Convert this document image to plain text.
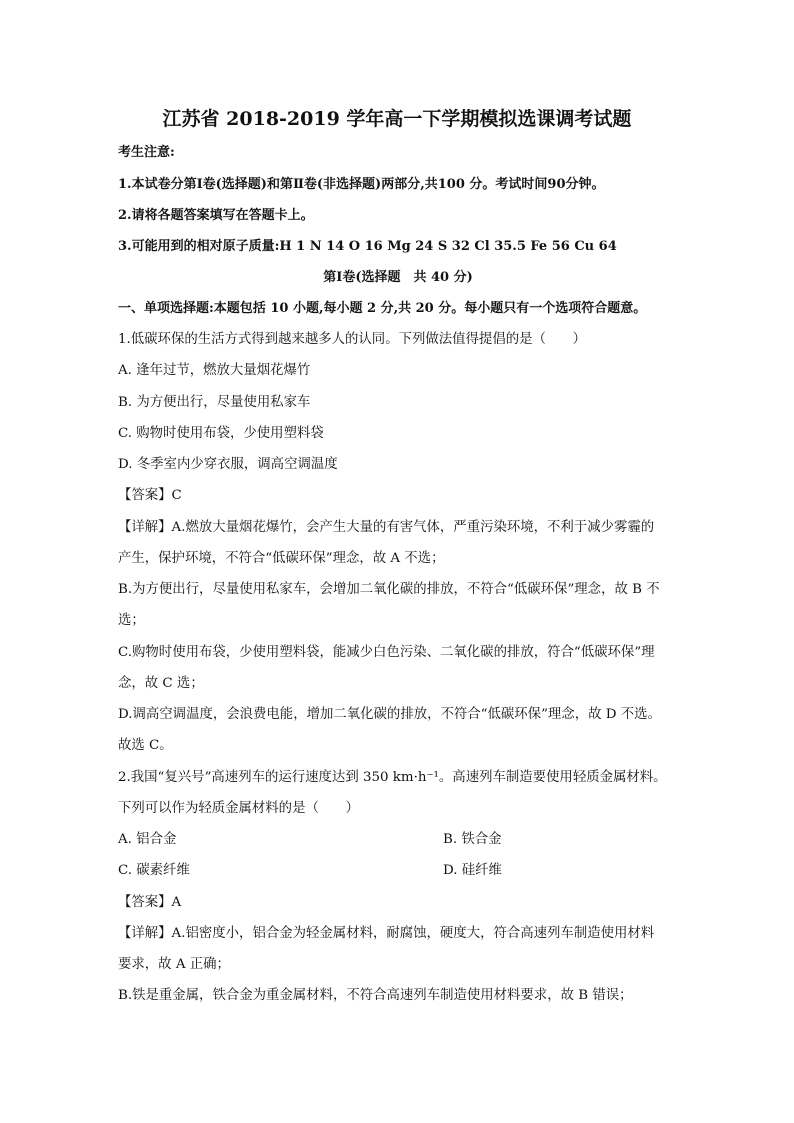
江苏省 2018-2019 学年高一下学期模拟选课调考试题
考生注意:
1.本试卷分第Ⅰ卷(选择题)和第Ⅱ卷(非选择题)两部分,共100 分。考试时间90分钟。
2.请将各题答案填写在答题卡上。
3.可能用到的相对原子质量:H 1 N 14 O 16 Mg 24 S 32 Cl 35.5 Fe 56 Cu 64
第Ⅰ卷(选择题　共 40 分)
一、单项选择题:本题包括 10 小题,每小题 2 分,共 20 分。每小题只有一个选项符合题意。
1.低碳环保的生活方式得到越来越多人的认同。下列做法值得提倡的是（　　）
A. 逢年过节，燃放大量烟花爆竹
B. 为方便出行，尽量使用私家车
C. 购物时使用布袋，少使用塑料袋
D. 冬季室内少穿衣服，调高空调温度
【答案】C
【详解】A.燃放大量烟花爆竹，会产生大量的有害气体，严重污染环境，不利于减少雾霾的
产生，保护环境，不符合“低碳环保”理念，故 A 不选；
B.为方便出行，尽量使用私家车，会增加二氧化碳的排放，不符合“低碳环保”理念，故 B 不
选；
C.购物时使用布袋，少使用塑料袋，能减少白色污染、二氧化碳的排放，符合“低碳环保”理
念，故 C 选；
D.调高空调温度，会浪费电能，增加二氧化碳的排放，不符合“低碳环保”理念，故 D 不选。
故选 C。
2.我国“复兴号”高速列车的运行速度达到 350 km·h⁻¹。高速列车制造要使用轻质金属材料。
下列可以作为轻质金属材料的是（　　）
A. 铝合金	B. 铁合金
C. 碳素纤维	D. 硅纤维
【答案】A
【详解】A.铝密度小，铝合金为轻金属材料，耐腐蚀，硬度大，符合高速列车制造使用材料
要求，故 A 正确；
B.铁是重金属，铁合金为重金属材料，不符合高速列车制造使用材料要求，故 B 错误；
